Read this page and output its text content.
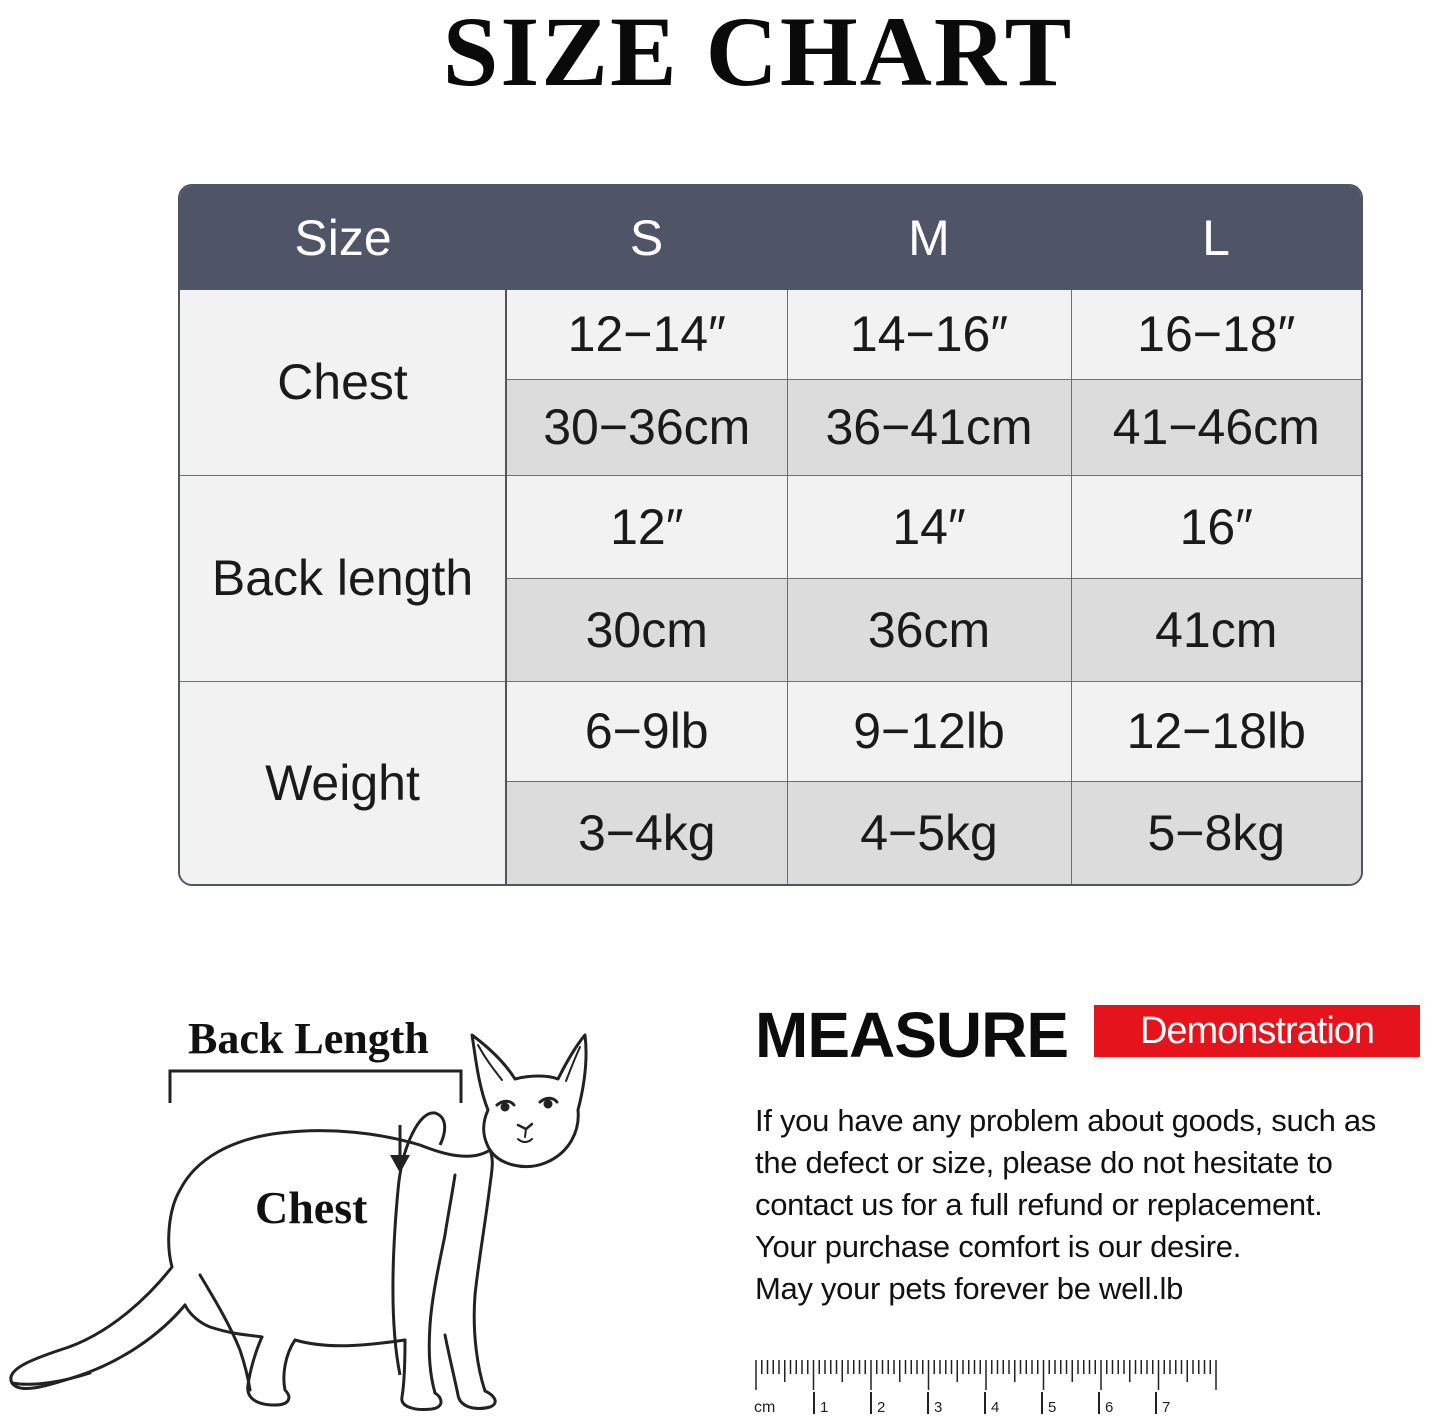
SIZE CHART
Size	S	M	L
Chest	12−14″	14−16″	16−18″
	30−36cm	36−41cm	41−46cm
Back length	12″	14″	16″
	30cm	36cm	41cm
Weight	6−9lb	9−12lb	12−18lb
	3−4kg	4−5kg	5−8kg
Back Length
Chest
MEASURE	Demonstration

If you have any problem about goods, such as

the defect or size, please do not hesitate to

contact us for a full refund or replacement.

Your purchase comfort is our desire.

May your pets forever be well.lb

cm	1	2	3	4	5	6	7
